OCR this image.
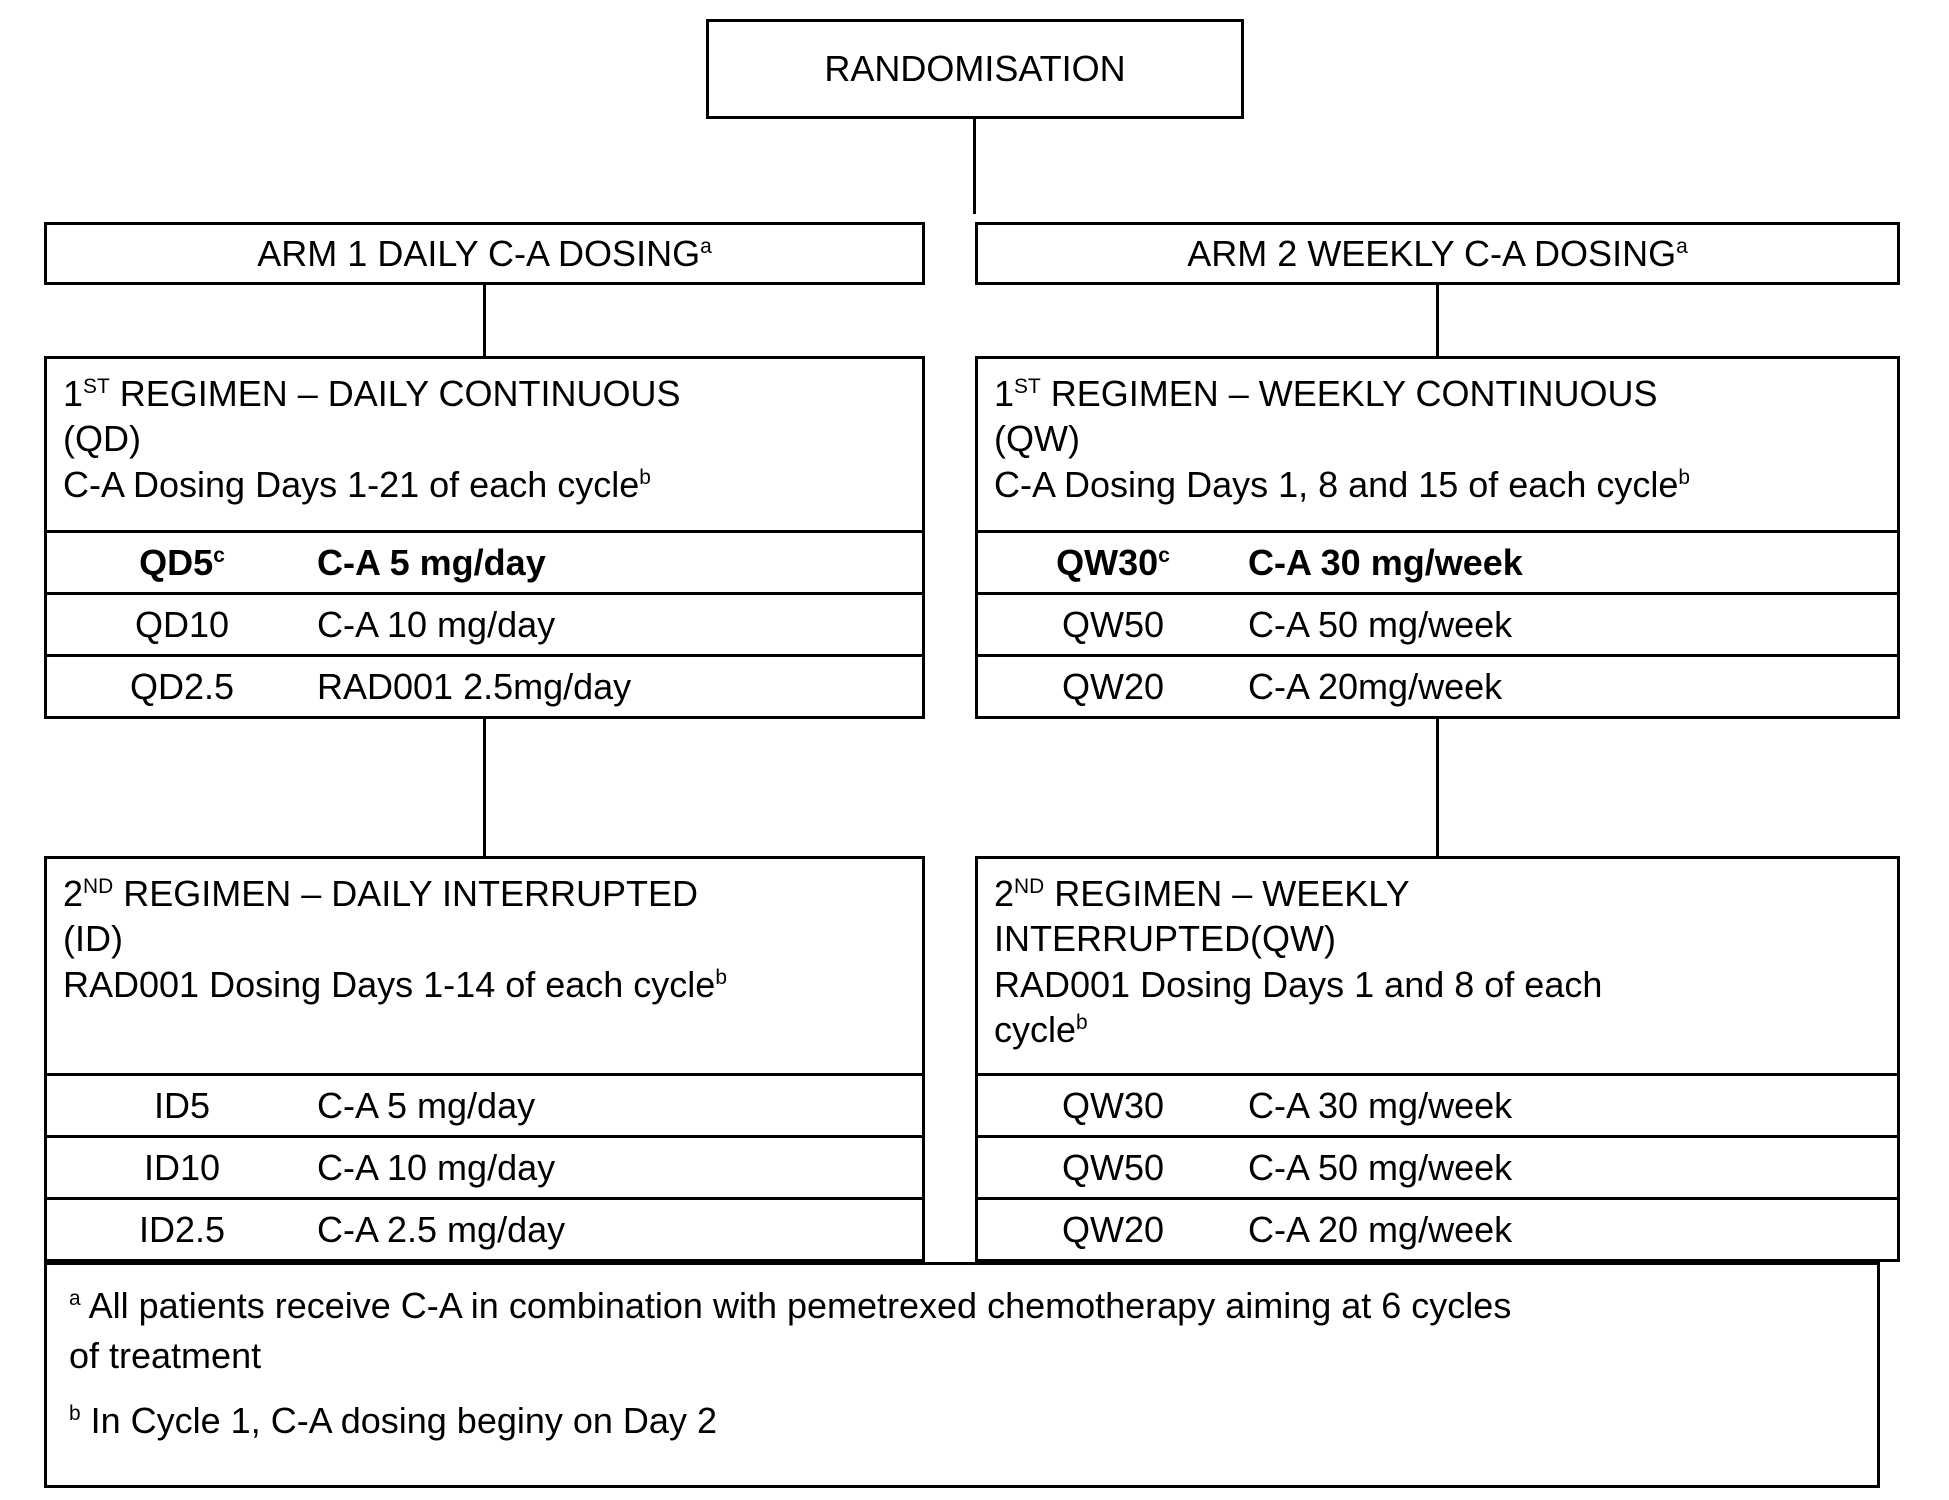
RANDOMISATION
ARM 1 DAILY C-A DOSING$^a$	ARM 2 WEEKLY C-A DOSING$^a$
1ST REGIMEN – DAILY CONTINUOUS
(QD)
C-A Dosing Days 1-21 of each cycle$^b$
QD5$^c$	C-A 5 mg/day
QD10	C-A 10 mg/day
QD2.5	RAD001 2.5mg/day
1ST REGIMEN – WEEKLY CONTINUOUS
(QW)
C-A Dosing Days 1, 8 and 15 of each cycle$^b$
QW30$^c$	C-A 30 mg/week
QW50	C-A 50 mg/week
QW20	C-A 20mg/week
2ND REGIMEN – DAILY INTERRUPTED
(ID)
RAD001 Dosing Days 1-14 of each cycle$^b$
ID5	C-A 5 mg/day
ID10	C-A 10 mg/day
ID2.5	C-A 2.5 mg/day
2ND REGIMEN – WEEKLY
INTERRUPTED(QW)
RAD001 Dosing Days 1 and 8 of each
cycle$^b$
QW30	C-A 30 mg/week
QW50	C-A 50 mg/week
QW20	C-A 20 mg/week
$^a$ All patients receive C-A in combination with pemetrexed chemotherapy aiming at 6 cycles
of treatment
$^b$ In Cycle 1, C-A dosing beginy on Day 2
